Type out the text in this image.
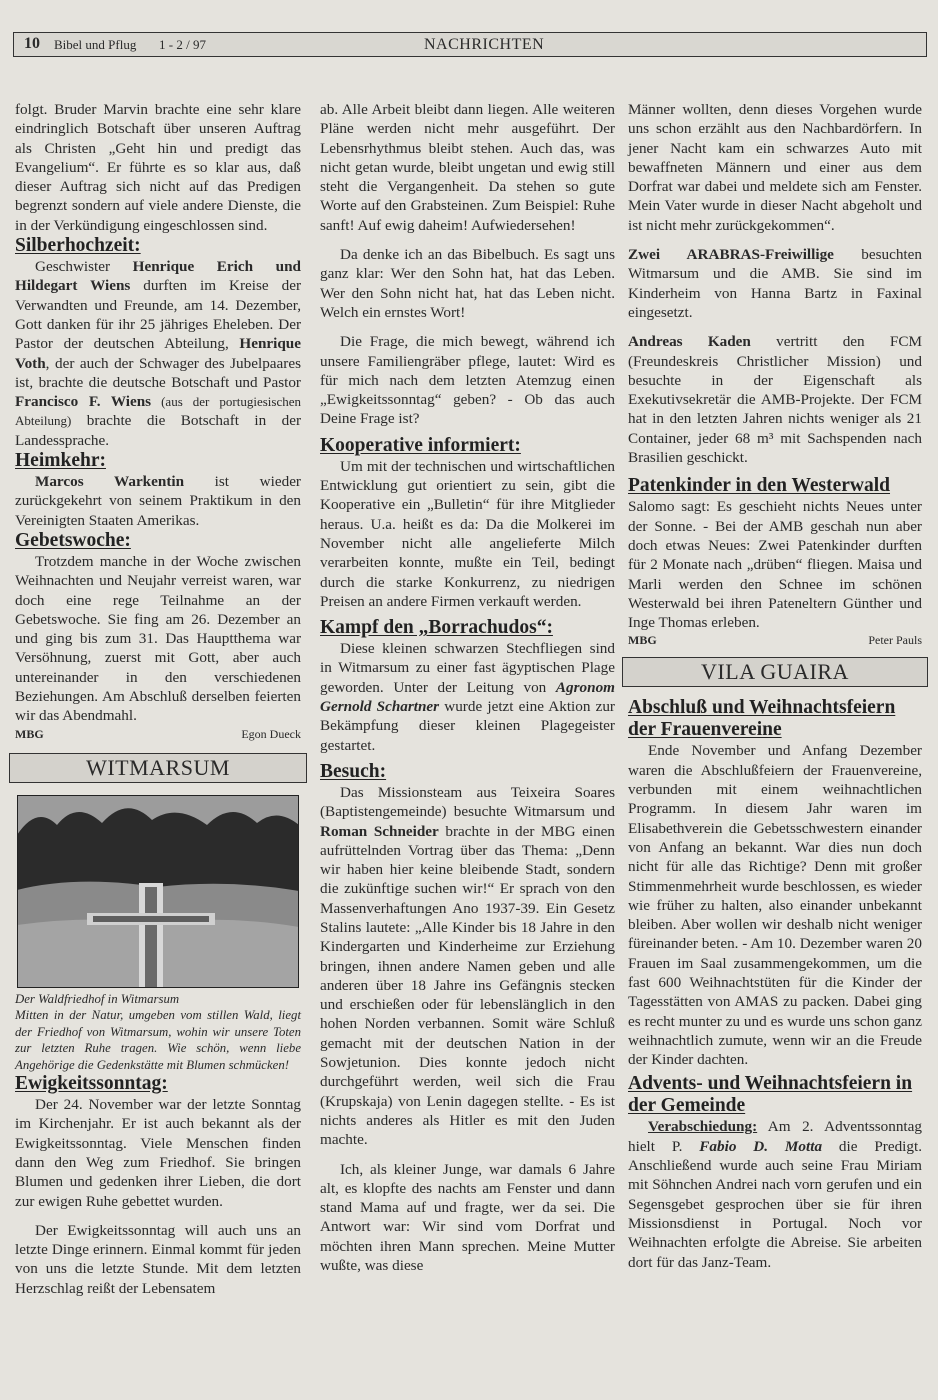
10 Bibel und Pflug 1 - 2 / 97	NACHRICHTEN

folgt. Bruder Marvin brachte eine sehr klare eindringlich Botschaft über unseren Auftrag als Christen „Geht hin und predigt das Evangelium“. Er führte es so klar aus, daß dieser Auftrag sich nicht auf das Predigen begrenzt sondern auf viele andere Dienste, die in der Verkündigung eingeschlossen sind.

Silberhochzeit:

Geschwister Henrique Erich und Hildegart Wiens durften im Kreise der Verwandten und Freunde, am 14. Dezember, Gott danken für ihr 25 jähriges Eheleben. Der Pastor der deutschen Abteilung, Henrique Voth, der auch der Schwager des Jubelpaares ist, brachte die deutsche Botschaft und Pastor Francisco F. Wiens (aus der portugiesischen Abteilung) brachte die Botschaft in der Landessprache.

Heimkehr:

Marcos Warkentin ist wieder zurückgekehrt von seinem Praktikum in den Vereinigten Staaten Amerikas.

Gebetswoche:

Trotzdem manche in der Woche zwischen Weihnachten und Neujahr verreist waren, war doch eine rege Teilnahme an der Gebetswoche. Sie fing am 26. Dezember an und ging bis zum 31. Das Hauptthema war Versöhnung, zuerst mit Gott, aber auch untereinander in den verschiedenen Beziehungen. Am Abschluß derselben feierten wir das Abendmahl.

MBG	Egon Dueck
WITMARSUM
Der Waldfriedhof in Witmarsum
Mitten in der Natur, umgeben vom stillen Wald, liegt der Friedhof von Witmarsum, wohin wir unsere Toten zur letzten Ruhe tragen. Wie schön, wenn liebe Angehörige die Gedenkstätte mit Blumen schmücken!
Ewigkeitssonntag:

Der 24. November war der letzte Sonntag im Kirchenjahr. Er ist auch bekannt als der Ewigkeitssonntag. Viele Menschen finden dann den Weg zum Friedhof. Sie bringen Blumen und gedenken ihrer Lieben, die dort zur ewigen Ruhe gebettet wurden.

Der Ewigkeitssonntag will auch uns an letzte Dinge erinnern. Einmal kommt für jeden von uns die letzte Stunde. Mit dem letzten Herzschlag reißt der Lebensatem

ab. Alle Arbeit bleibt dann liegen. Alle weiteren Pläne werden nicht mehr ausgeführt. Der Lebensrhythmus bleibt stehen. Auch das, was nicht getan wurde, bleibt ungetan und ewig still steht die Vergangenheit. Da stehen so gute Worte auf den Grabsteinen. Zum Beispiel: Ruhe sanft! Auf ewig daheim! Aufwiedersehen!

Da denke ich an das Bibelbuch. Es sagt uns ganz klar: Wer den Sohn hat, hat das Leben. Wer den Sohn nicht hat, hat das Leben nicht. Welch ein ernstes Wort!

Die Frage, die mich bewegt, während ich unsere Familiengräber pflege, lautet: Wird es für mich nach dem letzten Atemzug einen „Ewigkeitssonntag“ geben? - Ob das auch Deine Frage ist?

Kooperative informiert:

Um mit der technischen und wirtschaftlichen Entwicklung gut orientiert zu sein, gibt die Kooperative ein „Bulletin“ für ihre Mitglieder heraus. U.a. heißt es da: Da die Molkerei im November nicht alle angelieferte Milch verarbeiten konnte, mußte ein Teil, bedingt durch die starke Konkurrenz, zu niedrigen Preisen an andere Firmen verkauft werden.

Kampf den „Borrachudos“:

Diese kleinen schwarzen Stechfliegen sind in Witmarsum zu einer fast ägyptischen Plage geworden. Unter der Leitung von Agronom Gernold Schartner wurde jetzt eine Aktion zur Bekämpfung dieser kleinen Plagegeister gestartet.

Besuch:

Das Missionsteam aus Teixeira Soares (Baptistengemeinde) besuchte Witmarsum und Roman Schneider brachte in der MBG einen aufrüttelnden Vortrag über das Thema: „Denn wir haben hier keine bleibende Stadt, sondern die zukünftige suchen wir!“ Er sprach von den Massenverhaftungen Ano 1937-39. Ein Gesetz Stalins lautete: „Alle Kinder bis 18 Jahre in den Kindergarten und Kinderheime zur Erziehung bringen, ihnen andere Namen geben und alle anderen über 18 Jahre ins Gefängnis stecken und erschießen oder für lebenslänglich in den hohen Norden verbannen. Somit wäre Schluß gemacht mit der deutschen Nation in der Sowjetunion. Dies konnte jedoch nicht durchgeführt werden, weil sich die Frau (Krupskaja) von Lenin dagegen stellte. - Es ist nichts anderes als Hitler es mit den Juden machte.

Ich, als kleiner Junge, war damals 6 Jahre alt, es klopfte des nachts am Fenster und dann stand Mama auf und fragte, wer da sei. Die Antwort war: Wir sind vom Dorfrat und möchten ihren Mann sprechen. Meine Mutter wußte, was diese

Männer wollten, denn dieses Vorgehen wurde uns schon erzählt aus den Nachbardörfern. In jener Nacht kam ein schwarzes Auto mit bewaffneten Männern und einer aus dem Dorfrat war dabei und meldete sich am Fenster. Mein Vater wurde in dieser Nacht abgeholt und ist nicht mehr zurückgekommen“.

Zwei ARABRAS-Freiwillige besuchten Witmarsum und die AMB. Sie sind im Kinderheim von Hanna Bartz in Faxinal eingesetzt.

Andreas Kaden vertritt den FCM (Freundeskreis Christlicher Mission) und besuchte in der Eigenschaft als Exekutivsekretär die AMB-Projekte. Der FCM hat in den letzten Jahren nichts weniger als 21 Container, jeder 68 m³ mit Sachspenden nach Brasilien geschickt.

Patenkinder in den Westerwald

Salomo sagt: Es geschieht nichts Neues unter der Sonne. - Bei der AMB geschah nun aber doch etwas Neues: Zwei Patenkinder durften für 2 Monate nach „drüben“ fliegen. Maisa und Marli werden den Schnee im schönen Westerwald bei ihren Pateneltern Günther und Inge Thomas erleben.

MBG	Peter Pauls
VILA GUAIRA
Abschluß und Weihnachtsfeiern der Frauenvereine

Ende November und Anfang Dezember waren die Abschlußfeiern der Frauenvereine, verbunden mit einem weihnachtlichen Programm. In diesem Jahr waren im Elisabethverein die Gebetsschwestern einander von Anfang an bekannt. War dies nun doch nicht für alle das Richtige? Denn mit großer Stimmenmehrheit wurde beschlossen, es wieder wie früher zu halten, also einander unbekannt bleiben. Aber wollen wir deshalb nicht weniger füreinander beten. - Am 10. Dezember waren 20 Frauen im Saal zusammengekommen, um die fast 600 Weihnachtstüten für die Kinder der Tagesstätten von AMAS zu packen. Dabei ging es recht munter zu und es wurde uns schon ganz weihnachtlich zumute, wenn wir an die Freude der Kinder dachten.

Advents- und Weihnachtsfeiern in der Gemeinde

Verabschiedung: Am 2. Adventssonntag hielt P. Fabio D. Motta die Predigt. Anschließend wurde auch seine Frau Miriam mit Söhnchen Andrei nach vorn gerufen und ein Segensgebet gesprochen über sie für ihren Missionsdienst in Portugal. Noch vor Weihnachten erfolgte die Abreise. Sie arbeiten dort für das Janz-Team.
